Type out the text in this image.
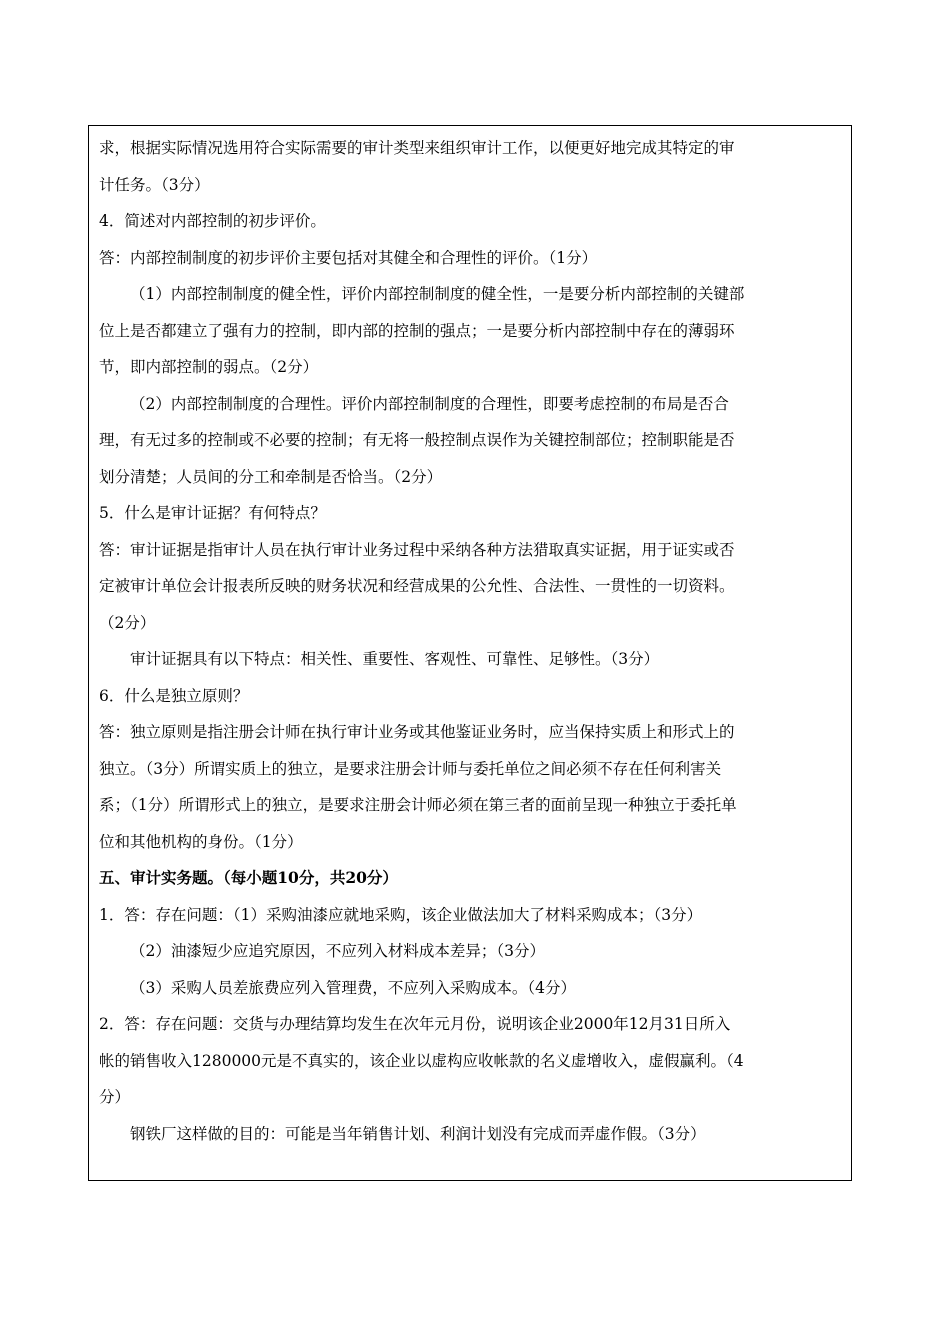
求，根据实际情况选用符合实际需要的审计类型来组织审计工作，以便更好地完成其特定的审
计任务。（3分）
4．简述对内部控制的初步评价。
答：内部控制制度的初步评价主要包括对其健全和合理性的评价。（1分）
（1）内部控制制度的健全性，评价内部控制制度的健全性，一是要分析内部控制的关键部
位上是否都建立了强有力的控制，即内部的控制的强点；一是要分析内部控制中存在的薄弱环
节，即内部控制的弱点。（2分）
（2）内部控制制度的合理性。评价内部控制制度的合理性，即要考虑控制的布局是否合
理，有无过多的控制或不必要的控制；有无将一般控制点误作为关键控制部位；控制职能是否
划分清楚；人员间的分工和牵制是否恰当。（2分）
5．什么是审计证据？有何特点？
答：审计证据是指审计人员在执行审计业务过程中采纳各种方法猎取真实证据，用于证实或否
定被审计单位会计报表所反映的财务状况和经营成果的公允性、合法性、一贯性的一切资料。
（2分）
审计证据具有以下特点：相关性、重要性、客观性、可靠性、足够性。（3分）
6．什么是独立原则？
答：独立原则是指注册会计师在执行审计业务或其他鉴证业务时，应当保持实质上和形式上的
独立。（3分）所谓实质上的独立，是要求注册会计师与委托单位之间必须不存在任何利害关
系；（1分）所谓形式上的独立，是要求注册会计师必须在第三者的面前呈现一种独立于委托单
位和其他机构的身份。（1分）
五、审计实务题。（每小题10分，共20分）
1．答：存在问题：（1）采购油漆应就地采购，该企业做法加大了材料采购成本；（3分）
（2）油漆短少应追究原因，不应列入材料成本差异；（3分）
（3）采购人员差旅费应列入管理费，不应列入采购成本。（4分）
2．答：存在问题：交货与办理结算均发生在次年元月份，说明该企业2000年12月31日所入
帐的销售收入1280000元是不真实的，该企业以虚构应收帐款的名义虚增收入，虚假赢利。（4
分）
钢铁厂这样做的目的：可能是当年销售计划、利润计划没有完成而弄虚作假。（3分）
